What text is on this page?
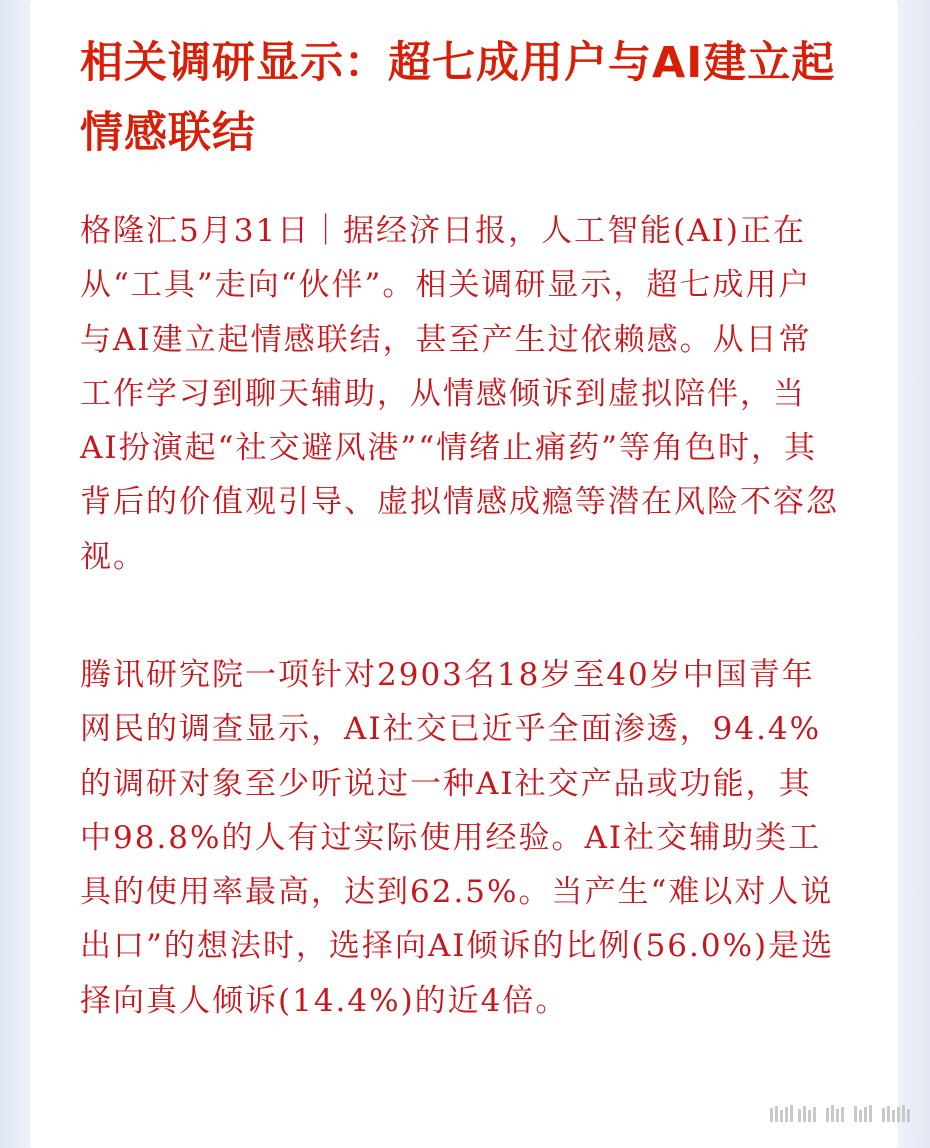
相关调研显示：超七成用户与AI建立起情感联结

格隆汇5月31日｜据经济日报，人工智能(AI)正在从“工具”走向“伙伴”。相关调研显示，超七成用户与AI建立起情感联结，甚至产生过依赖感。从日常工作学习到聊天辅助，从情感倾诉到虚拟陪伴，当AI扮演起“社交避风港”“情绪止痛药”等角色时，其背后的价值观引导、虚拟情感成瘾等潜在风险不容忽视。

腾讯研究院一项针对2903名18岁至40岁中国青年网民的调查显示，AI社交已近乎全面渗透，94.4%的调研对象至少听说过一种AI社交产品或功能，其中98.8%的人有过实际使用经验。AI社交辅助类工具的使用率最高，达到62.5%。当产生“难以对人说出口”的想法时，选择向AI倾诉的比例(56.0%)是选择向真人倾诉(14.4%)的近4倍。
